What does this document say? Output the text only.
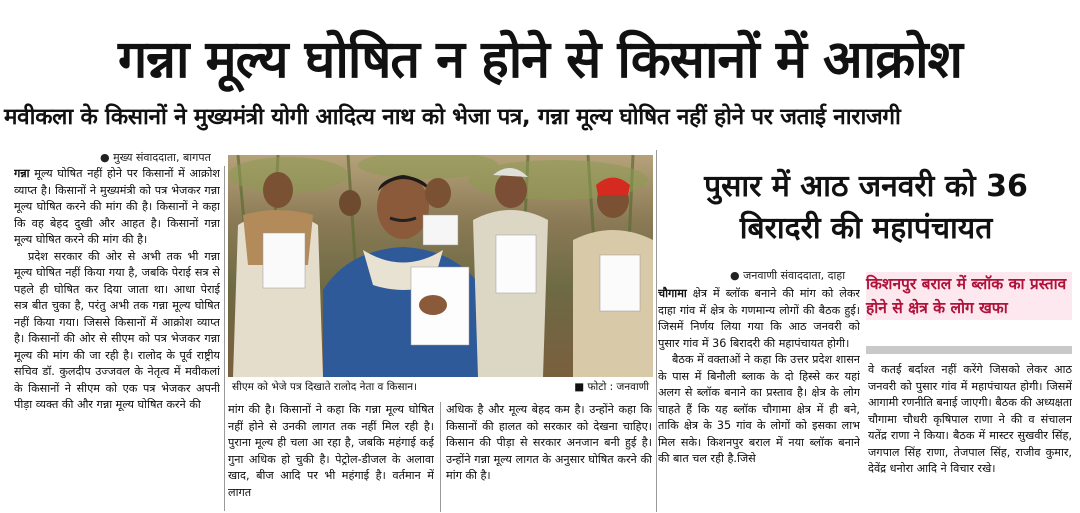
गन्ना मूल्य घोषित न होने से किसानों में आक्रोश
मवीकला के किसानों ने मुख्यमंत्री योगी आदित्य नाथ को भेजा पत्र, गन्ना मूल्य घोषित नहीं होने पर जताई नाराजगी
● मुख्य संवाददाता, बागपत

गन्ना मूल्य घोषित नहीं होने पर किसानों में आक्रोश व्याप्त है। किसानों ने मुख्यमंत्री को पत्र भेजकर गन्ना मूल्य घोषित करने की मांग की है। किसानों ने कहा कि वह बेहद दुखी और आहत है। किसानों गन्ना मूल्य घोषित करने की मांग की है।

प्रदेश सरकार की ओर से अभी तक भी गन्ना मूल्य घोषित नहीं किया गया है, जबकि पेराई सत्र से पहले ही घोषित कर दिया जाता था। आधा पेराई सत्र बीत चुका है, परंतु अभी तक गन्ना मूल्य घोषित नहीं किया गया। जिससे किसानों में आक्रोश व्याप्त है। किसानों की ओर से सीएम को पत्र भेजकर गन्ना मूल्य की मांग की जा रही है। रालोद के पूर्व राष्ट्रीय सचिव डॉ. कुलदीप उज्जवल के नेतृत्व में मवीकलां के किसानों ने सीएम को एक पत्र भेजकर अपनी पीड़ा व्यक्त की और गन्ना मूल्य घोषित करने की

सीएम को भेजे पत्र दिखाते रालोद नेता व किसान।	■ फोटो : जनवाणी

मांग की है। किसानों ने कहा कि गन्ना मूल्य घोषित नहीं होने से उनकी लागत तक नहीं मिल रही है। पुराना मूल्य ही चला आ रहा है, जबकि महंगाई कई गुना अधिक हो चुकी है। पेट्रोल-डीजल के अलावा खाद, बीज आदि पर भी महंगाई है। वर्तमान में लागत

अधिक है और मूल्य बेहद कम है। उन्होंने कहा कि किसानों की हालत को सरकार को देखना चाहिए। किसान की पीड़ा से सरकार अनजान बनी हुई है। उन्होंने गन्ना मूल्य लागत के अनुसार घोषित करने की मांग की है।

पुसार में आठ जनवरी को 36
बिरादरी की महापंचायत
● जनवाणी संवाददाता, दाहा

चौगामा क्षेत्र में ब्लॉक बनाने की मांग को लेकर दाहा गांव में क्षेत्र के गणमान्य लोगों की बैठक हुई। जिसमें निर्णय लिया गया कि आठ जनवरी को पुसार गांव में 36 बिरादरी की महापंचायत होगी।

बैठक में वक्ताओं ने कहा कि उत्तर प्रदेश शासन के पास में बिनौली ब्लाक के दो हिस्से कर यहां अलग से ब्लॉक बनाने का प्रस्ताव है। क्षेत्र के लोग चाहते हैं कि यह ब्लॉक चौगामा क्षेत्र में ही बने, ताकि क्षेत्र के 35 गांव के लोगों को इसका लाभ मिल सके। किशनपुर बराल में नया ब्लॉक बनाने की बात चल रही है.जिसे

किशनपुर बराल में ब्लॉक का प्रस्ताव होने से क्षेत्र के लोग खफा

वे कतई बर्दाश्त नहीं करेंगे जिसको लेकर आठ जनवरी को पुसार गांव में महापंचायत होगी। जिसमें आगामी रणनीति बनाई जाएगी। बैठक की अध्यक्षता चौगामा चौधरी कृषिपाल राणा ने की व संचालन यतेंद्र राणा ने किया। बैठक में मास्टर सुखवीर सिंह, जगपाल सिंह राणा, तेजपाल सिंह, राजीव कुमार, देवेंद्र धनोरा आदि ने विचार रखे।
